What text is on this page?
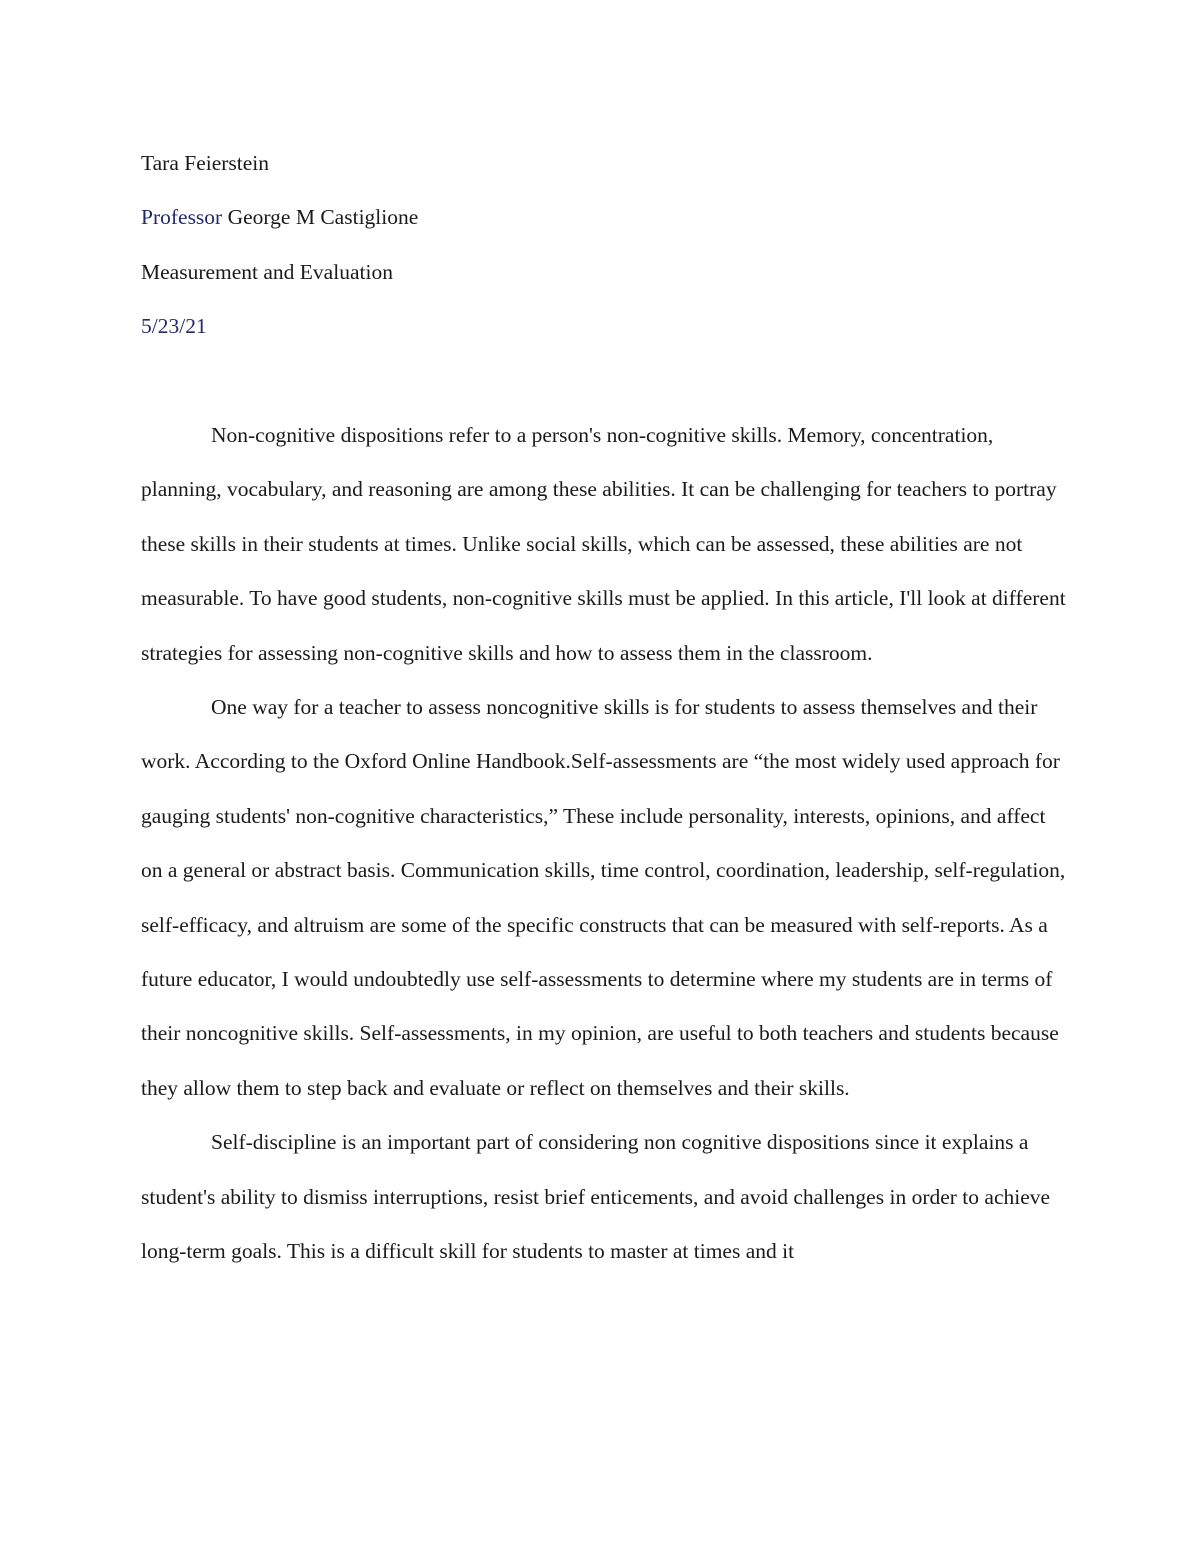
Tara Feierstein

Professor George M Castiglione

Measurement and Evaluation

5/23/21

Non-cognitive dispositions refer to a person's non-cognitive skills. Memory, concentration, planning, vocabulary, and reasoning are among these abilities. It can be challenging for teachers to portray these skills in their students at times. Unlike social skills, which can be assessed, these abilities are not measurable. To have good students, non-cognitive skills must be applied. In this article, I'll look at different strategies for assessing non-cognitive skills and how to assess them in the classroom.

One way for a teacher to assess noncognitive skills is for students to assess themselves and their work. According to the Oxford Online Handbook.Self-assessments are “the most widely used approach for gauging students' non-cognitive characteristics,” These include personality, interests, opinions, and affect on a general or abstract basis. Communication skills, time control, coordination, leadership, self-regulation, self-efficacy, and altruism are some of the specific constructs that can be measured with self-reports. As a future educator, I would undoubtedly use self-assessments to determine where my students are in terms of their noncognitive skills. Self-assessments, in my opinion, are useful to both teachers and students because they allow them to step back and evaluate or reflect on themselves and their skills.

Self-discipline is an important part of considering non cognitive dispositions since it explains a student's ability to dismiss interruptions, resist brief enticements, and avoid challenges in order to achieve long-term goals. This is a difficult skill for students to master at times and it
